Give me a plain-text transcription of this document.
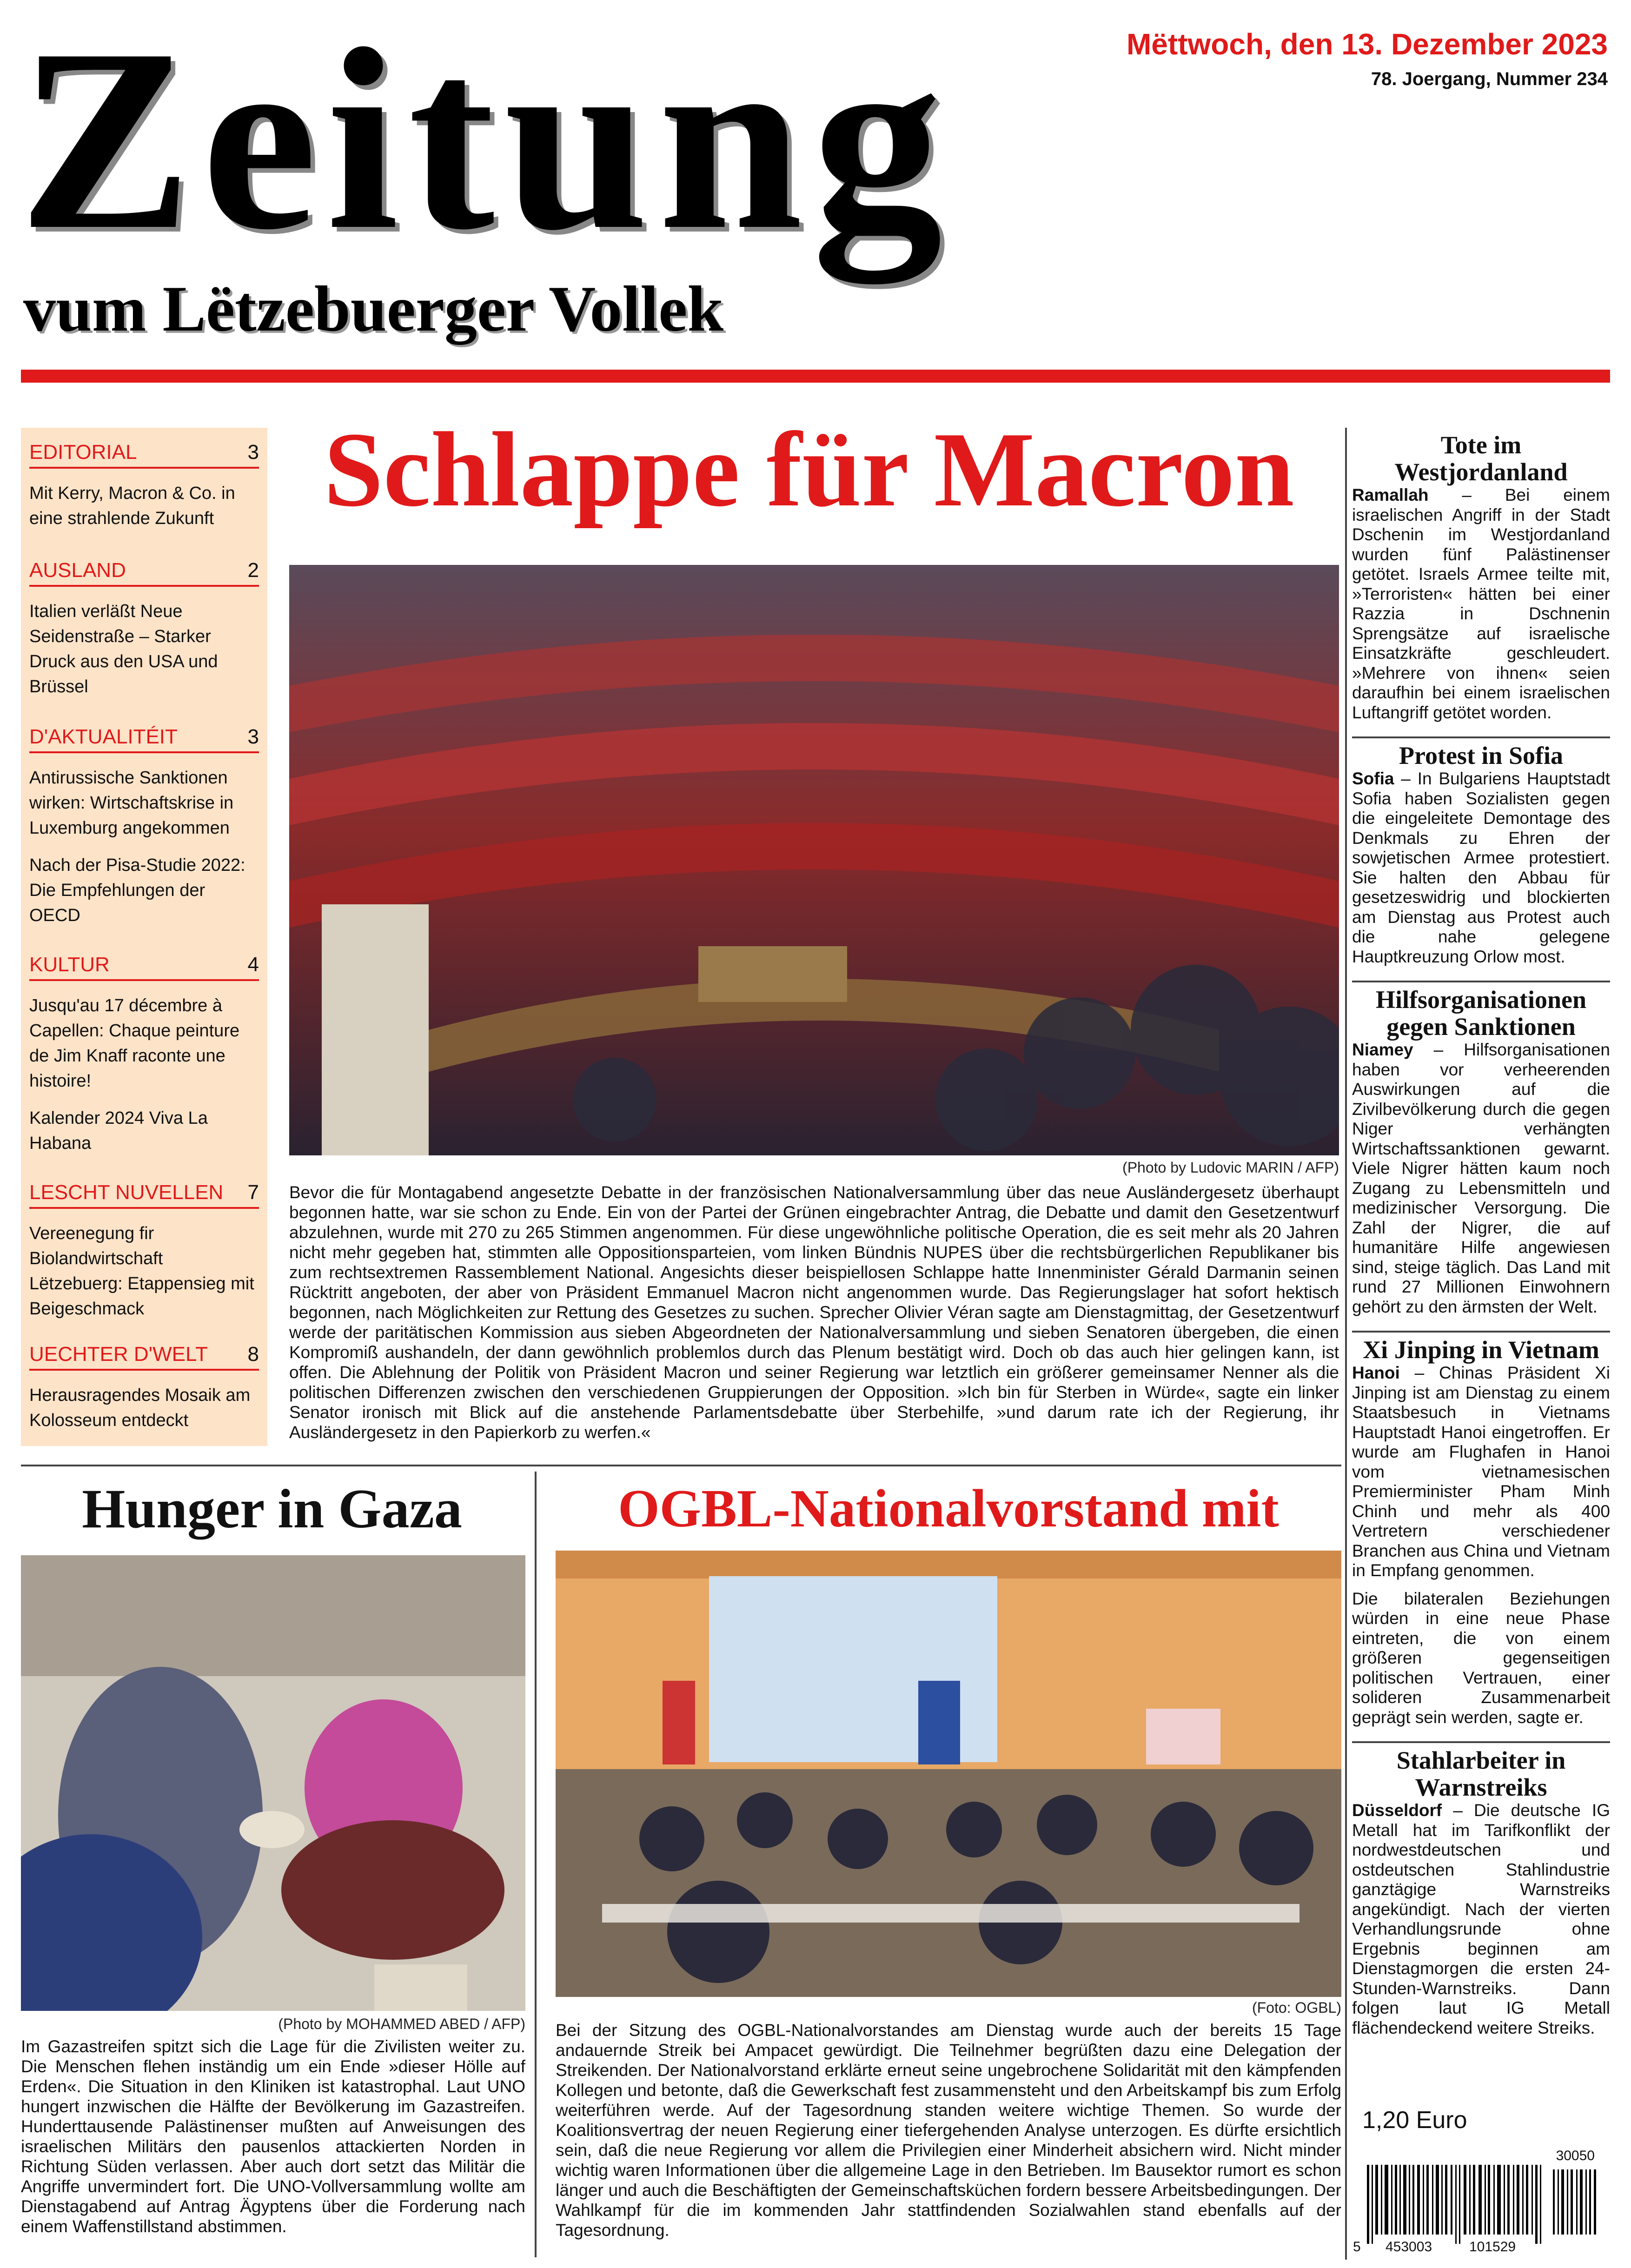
Zeitung
vum Lëtzebuerger Vollek
Mëttwoch, den 13. Dezember 2023
78. Joergang, Nummer 234
EDITORIAL	3
Mit Kerry, Macron & Co. in eine strahlende Zukunft
AUSLAND	2
Italien verläßt Neue Seidenstraße – Starker Druck aus den USA und Brüssel
D'AKTUALITÉIT	3
Antirussische Sanktionen wirken: Wirtschaftskrise in Luxemburg angekommen
Nach der Pisa-Studie 2022: Die Empfehlungen der OECD
KULTUR	4
Jusqu'au 17 décembre à Capellen: Chaque peinture de Jim Knaff raconte une histoire!
Kalender 2024 Viva La Habana
LESCHT NUVELLEN 7
Vereenegung fir Biolandwirtschaft Lëtzebuerg: Etappensieg mit Beigeschmack
UECHTER D'WELT 8
Herausragendes Mosaik am Kolosseum entdeckt
Schlappe für Macron
(Photo by Ludovic MARIN / AFP)
Bevor die für Montagabend angesetzte Debatte in der französischen Nationalversammlung über das neue Ausländergesetz überhaupt begonnen hatte, war sie schon zu Ende. Ein von der Partei der Grünen eingebrachter Antrag, die Debatte und damit den Gesetzentwurf abzulehnen, wurde mit 270 zu 265 Stimmen angenommen. Für diese ungewöhnliche politische Operation, die es seit mehr als 20 Jahren nicht mehr gegeben hat, stimmten alle Oppositionsparteien, vom linken Bündnis NUPES über die rechtsbürgerlichen Republikaner bis zum rechtsextremen Rassemblement National. Angesichts dieser beispiellosen Schlappe hatte Innenminister Gérald Darmanin seinen Rücktritt angeboten, der aber von Präsident Emmanuel Macron nicht angenommen wurde. Das Regierungslager hat sofort hektisch begonnen, nach Möglichkeiten zur Rettung des Gesetzes zu suchen. Sprecher Olivier Véran sagte am Dienstagmittag, der Gesetzentwurf werde der paritätischen Kommission aus sieben Abgeordneten der Nationalversammlung und sieben Senatoren übergeben, die einen Kompromiß aushandeln, der dann gewöhnlich problemlos durch das Plenum bestätigt wird. Doch ob das auch hier gelingen kann, ist offen. Die Ablehnung der Politik von Präsident Macron und seiner Regierung war letztlich ein größerer gemeinsamer Nenner als die politischen Differenzen zwischen den verschiedenen Gruppierungen der Opposition. »Ich bin für Sterben in Würde«, sagte ein linker Senator ironisch mit Blick auf die anstehende Parlamentsdebatte über Sterbehilfe, »und darum rate ich der Regierung, ihr Ausländergesetz in den Papierkorb zu werfen.«
Hunger in Gaza
(Photo by MOHAMMED ABED / AFP)
Im Gazastreifen spitzt sich die Lage für die Zivilisten weiter zu. Die Menschen flehen inständig um ein Ende »dieser Hölle auf Erden«. Die Situation in den Kliniken ist katastrophal. Laut UNO hungert inzwischen die Hälfte der Bevölkerung im Gazastreifen. Hunderttausende Palästinenser mußten auf Anweisungen des israelischen Militärs den pausenlos attackierten Norden in Richtung Süden verlassen. Aber auch dort setzt das Militär die Angriffe unvermindert fort. Die UNO-Vollversammlung wollte am Dienstagabend auf Antrag Ägyptens über die Forderung nach einem Waffenstillstand abstimmen.
OGBL-Nationalvorstand mit
(Foto: OGBL)
Bei der Sitzung des OGBL-Nationalvorstandes am Dienstag wurde auch der bereits 15 Tage andauernde Streik bei Ampacet gewürdigt. Die Teilnehmer begrüßten dazu eine Delegation der Streikenden. Der Nationalvorstand erklärte erneut seine ungebrochene Solidarität mit den kämpfenden Kollegen und betonte, daß die Gewerkschaft fest zusammensteht und den Arbeitskampf bis zum Erfolg weiterführen werde. Auf der Tagesordnung standen weitere wichtige Themen. So wurde der Koalitionsvertrag der neuen Regierung einer tiefergehenden Analyse unterzogen. Es dürfte ersichtlich sein, daß die neue Regierung vor allem die Privilegien einer Minderheit absichern wird. Nicht minder wichtig waren Informationen über die allgemeine Lage in den Betrieben. Im Bausektor rumort es schon länger und auch die Beschäftigten der Gemeinschaftsküchen fordern bessere Arbeitsbedingungen. Der Wahlkampf für die im kommenden Jahr stattfindenden Sozialwahlen stand ebenfalls auf der Tagesordnung.
Tote im Westjordanland
Ramallah – Bei einem israelischen Angriff in der Stadt Dschenin im Westjordanland wurden fünf Palästinenser getötet. Israels Armee teilte mit, »Terroristen« hätten bei einer Razzia in Dschnenin Sprengsätze auf israelische Einsatzkräfte geschleudert. »Mehrere von ihnen« seien daraufhin bei einem israelischen Luftangriff getötet worden.
Protest in Sofia
Sofia – In Bulgariens Hauptstadt Sofia haben Sozialisten gegen die eingeleitete Demontage des Denkmals zu Ehren der sowjetischen Armee protestiert. Sie halten den Abbau für gesetzeswidrig und blockierten am Dienstag aus Protest auch die nahe gelegene Hauptkreuzung Orlow most.
Hilfsorganisationen gegen Sanktionen
Niamey – Hilfsorganisationen haben vor verheerenden Auswirkungen auf die Zivilbevölkerung durch die gegen Niger verhängten Wirtschaftssanktionen gewarnt. Viele Nigrer hätten kaum noch Zugang zu Lebensmitteln und medizinischer Versorgung. Die Zahl der Nigrer, die auf humanitäre Hilfe angewiesen sind, steige täglich. Das Land mit rund 27 Millionen Einwohnern gehört zu den ärmsten der Welt.
Xi Jinping in Vietnam
Hanoi – Chinas Präsident Xi Jinping ist am Dienstag zu einem Staatsbesuch in Vietnams Hauptstadt Hanoi eingetroffen. Er wurde am Flughafen in Hanoi vom vietnamesischen Premierminister Pham Minh Chinh und mehr als 400 Vertretern verschiedener Branchen aus China und Vietnam in Empfang genommen.
Die bilateralen Beziehungen würden in eine neue Phase eintreten, die von einem größeren gegenseitigen politischen Vertrauen, einer solideren Zusammenarbeit geprägt sein werden, sagte er.
Stahlarbeiter in Warnstreiks
Düsseldorf – Die deutsche IG Metall hat im Tarifkonflikt der nordwestdeutschen und ostdeutschen Stahlindustrie ganztägige Warnstreiks angekündigt. Nach der vierten Verhandlungsrunde ohne Ergebnis beginnen am Dienstagmorgen die ersten 24-Stunden-Warnstreiks. Dann folgen laut IG Metall flächendeckend weitere Streiks.
1,20 Euro
30050
5 453003	101529
